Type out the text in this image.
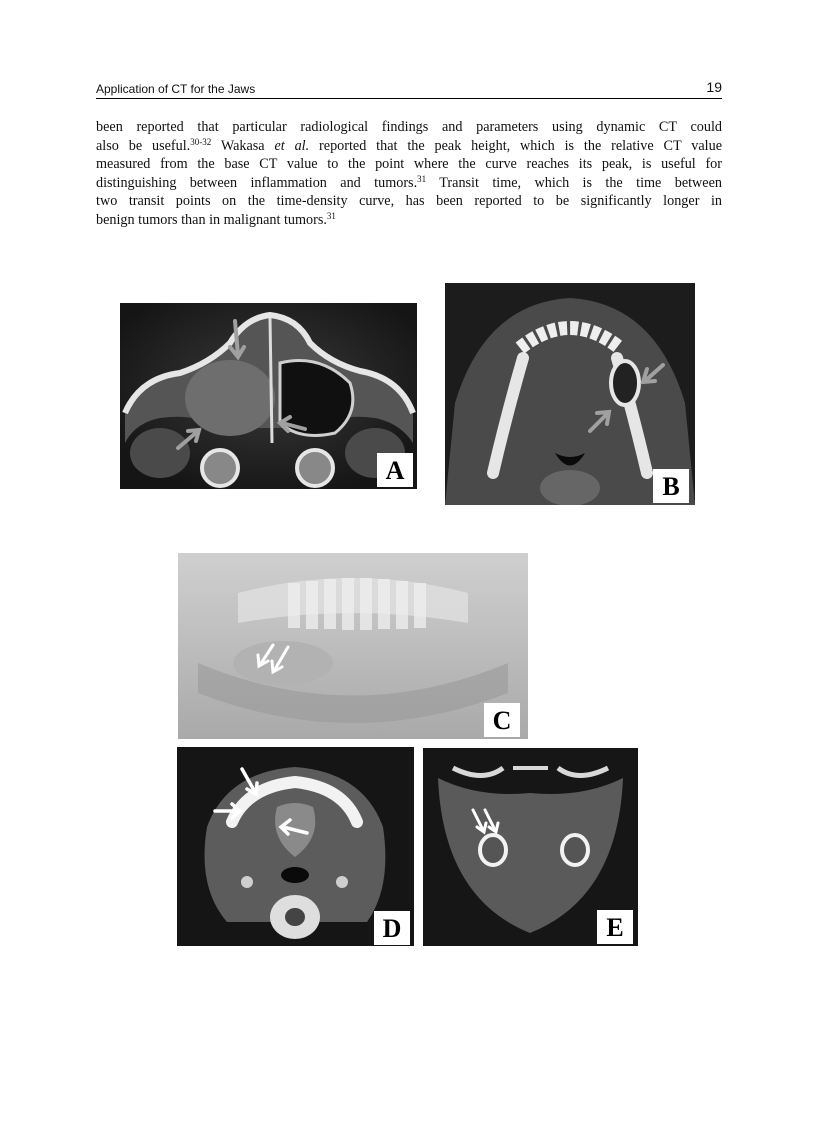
Application of CT for the Jaws	19
been reported that particular radiological findings and parameters using dynamic CT could
also be useful.$^{30-32}$ Wakasa et al. reported that the peak height, which is the relative CT value
measured from the base CT value to the point where the curve reaches its peak, is useful for
distinguishing between inflammation and tumors.$^{31}$ Transit time, which is the time between
two transit points on the time-density curve, has been reported to be significantly longer in
benign tumors than in malignant tumors.$^{31}$
A
B
C
D	E
